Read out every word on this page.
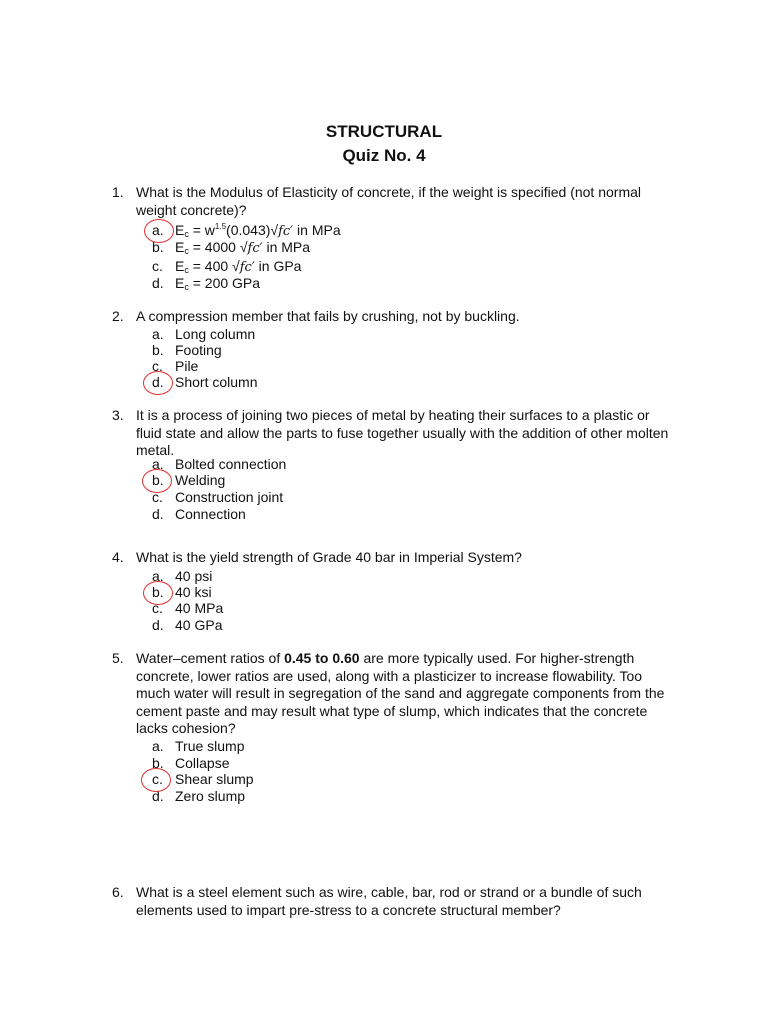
STRUCTURAL
Quiz No. 4
1. What is the Modulus of Elasticity of concrete, if the weight is specified (not normal weight concrete)?
a. $E_c = w^{1.5}(0.043)√fc'$ in MPa
b. $E_c = 4000$ √fc′ in MPa
c. $E_c = 400$ √fc′ in GPa
d. $E_c = 200$ GPa
2. A compression member that fails by crushing, not by buckling.
a. Long column
b. Footing
c. Pile
d. Short column
3. It is a process of joining two pieces of metal by heating their surfaces to a plastic or fluid state and allow the parts to fuse together usually with the addition of other molten metal.
a. Bolted connection
b. Welding
c. Construction joint
d. Connection
4. What is the yield strength of Grade 40 bar in Imperial System?
a. 40 psi
b. 40 ksi
c. 40 MPa
d. 40 GPa
5. Water–cement ratios of 0.45 to 0.60 are more typically used. For higher-strength concrete, lower ratios are used, along with a plasticizer to increase flowability. Too much water will result in segregation of the sand and aggregate components from the cement paste and may result what type of slump, which indicates that the concrete lacks cohesion?
a. True slump
b. Collapse
c. Shear slump
d. Zero slump
6. What is a steel element such as wire, cable, bar, rod or strand or a bundle of such elements used to impart pre-stress to a concrete structural member?
